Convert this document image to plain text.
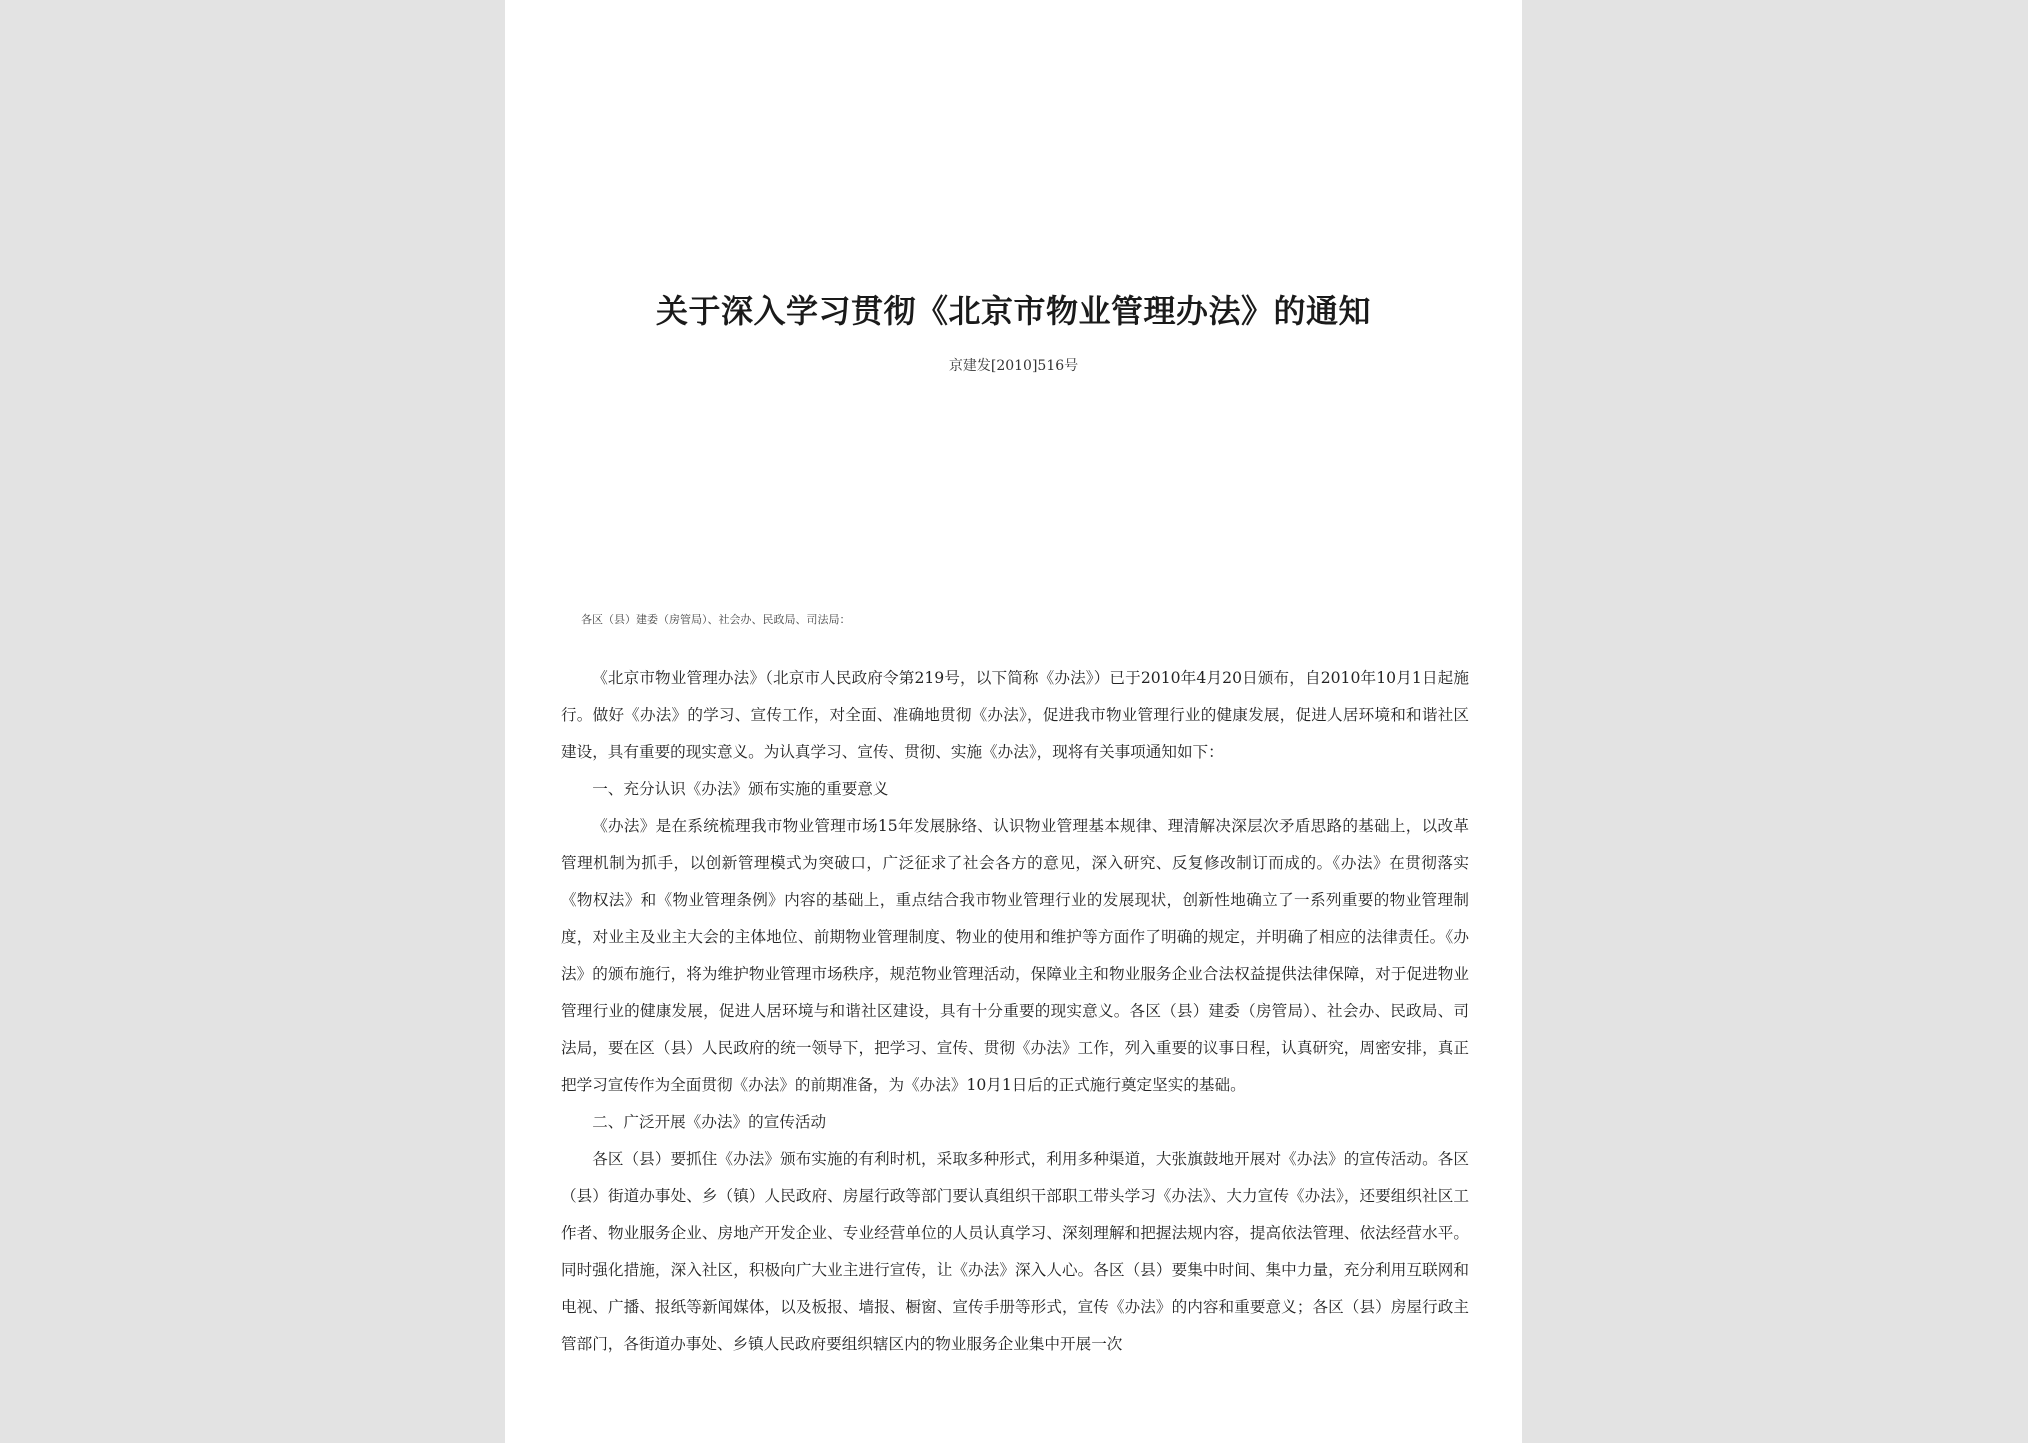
关于深入学习贯彻《北京市物业管理办法》的通知
京建发[2010]516号
各区（县）建委（房管局）、社会办、民政局、司法局：

《北京市物业管理办法》（北京市人民政府令第219号，以下简称《办法》）已于2010年4月20日颁布，自2010年10月1日起施行。做好《办法》的学习、宣传工作，对全面、准确地贯彻《办法》，促进我市物业管理行业的健康发展，促进人居环境和和谐社区建设，具有重要的现实意义。为认真学习、宣传、贯彻、实施《办法》，现将有关事项通知如下：

一、充分认识《办法》颁布实施的重要意义

《办法》是在系统梳理我市物业管理市场15年发展脉络、认识物业管理基本规律、理清解决深层次矛盾思路的基础上，以改革管理机制为抓手，以创新管理模式为突破口，广泛征求了社会各方的意见，深入研究、反复修改制订而成的。《办法》在贯彻落实《物权法》和《物业管理条例》内容的基础上，重点结合我市物业管理行业的发展现状，创新性地确立了一系列重要的物业管理制度，对业主及业主大会的主体地位、前期物业管理制度、物业的使用和维护等方面作了明确的规定，并明确了相应的法律责任。《办法》的颁布施行，将为维护物业管理市场秩序，规范物业管理活动，保障业主和物业服务企业合法权益提供法律保障，对于促进物业管理行业的健康发展，促进人居环境与和谐社区建设，具有十分重要的现实意义。各区（县）建委（房管局）、社会办、民政局、司法局，要在区（县）人民政府的统一领导下，把学习、宣传、贯彻《办法》工作，列入重要的议事日程，认真研究，周密安排，真正把学习宣传作为全面贯彻《办法》的前期准备，为《办法》10月1日后的正式施行奠定坚实的基础。

二、广泛开展《办法》的宣传活动

各区（县）要抓住《办法》颁布实施的有利时机，采取多种形式，利用多种渠道，大张旗鼓地开展对《办法》的宣传活动。各区（县）街道办事处、乡（镇）人民政府、房屋行政等部门要认真组织干部职工带头学习《办法》、大力宣传《办法》，还要组织社区工作者、物业服务企业、房地产开发企业、专业经营单位的人员认真学习、深刻理解和把握法规内容，提高依法管理、依法经营水平。同时强化措施，深入社区，积极向广大业主进行宣传，让《办法》深入人心。各区（县）要集中时间、集中力量，充分利用互联网和电视、广播、报纸等新闻媒体，以及板报、墙报、橱窗、宣传手册等形式，宣传《办法》的内容和重要意义；各区（县）房屋行政主管部门，各街道办事处、乡镇人民政府要组织辖区内的物业服务企业集中开展一次
